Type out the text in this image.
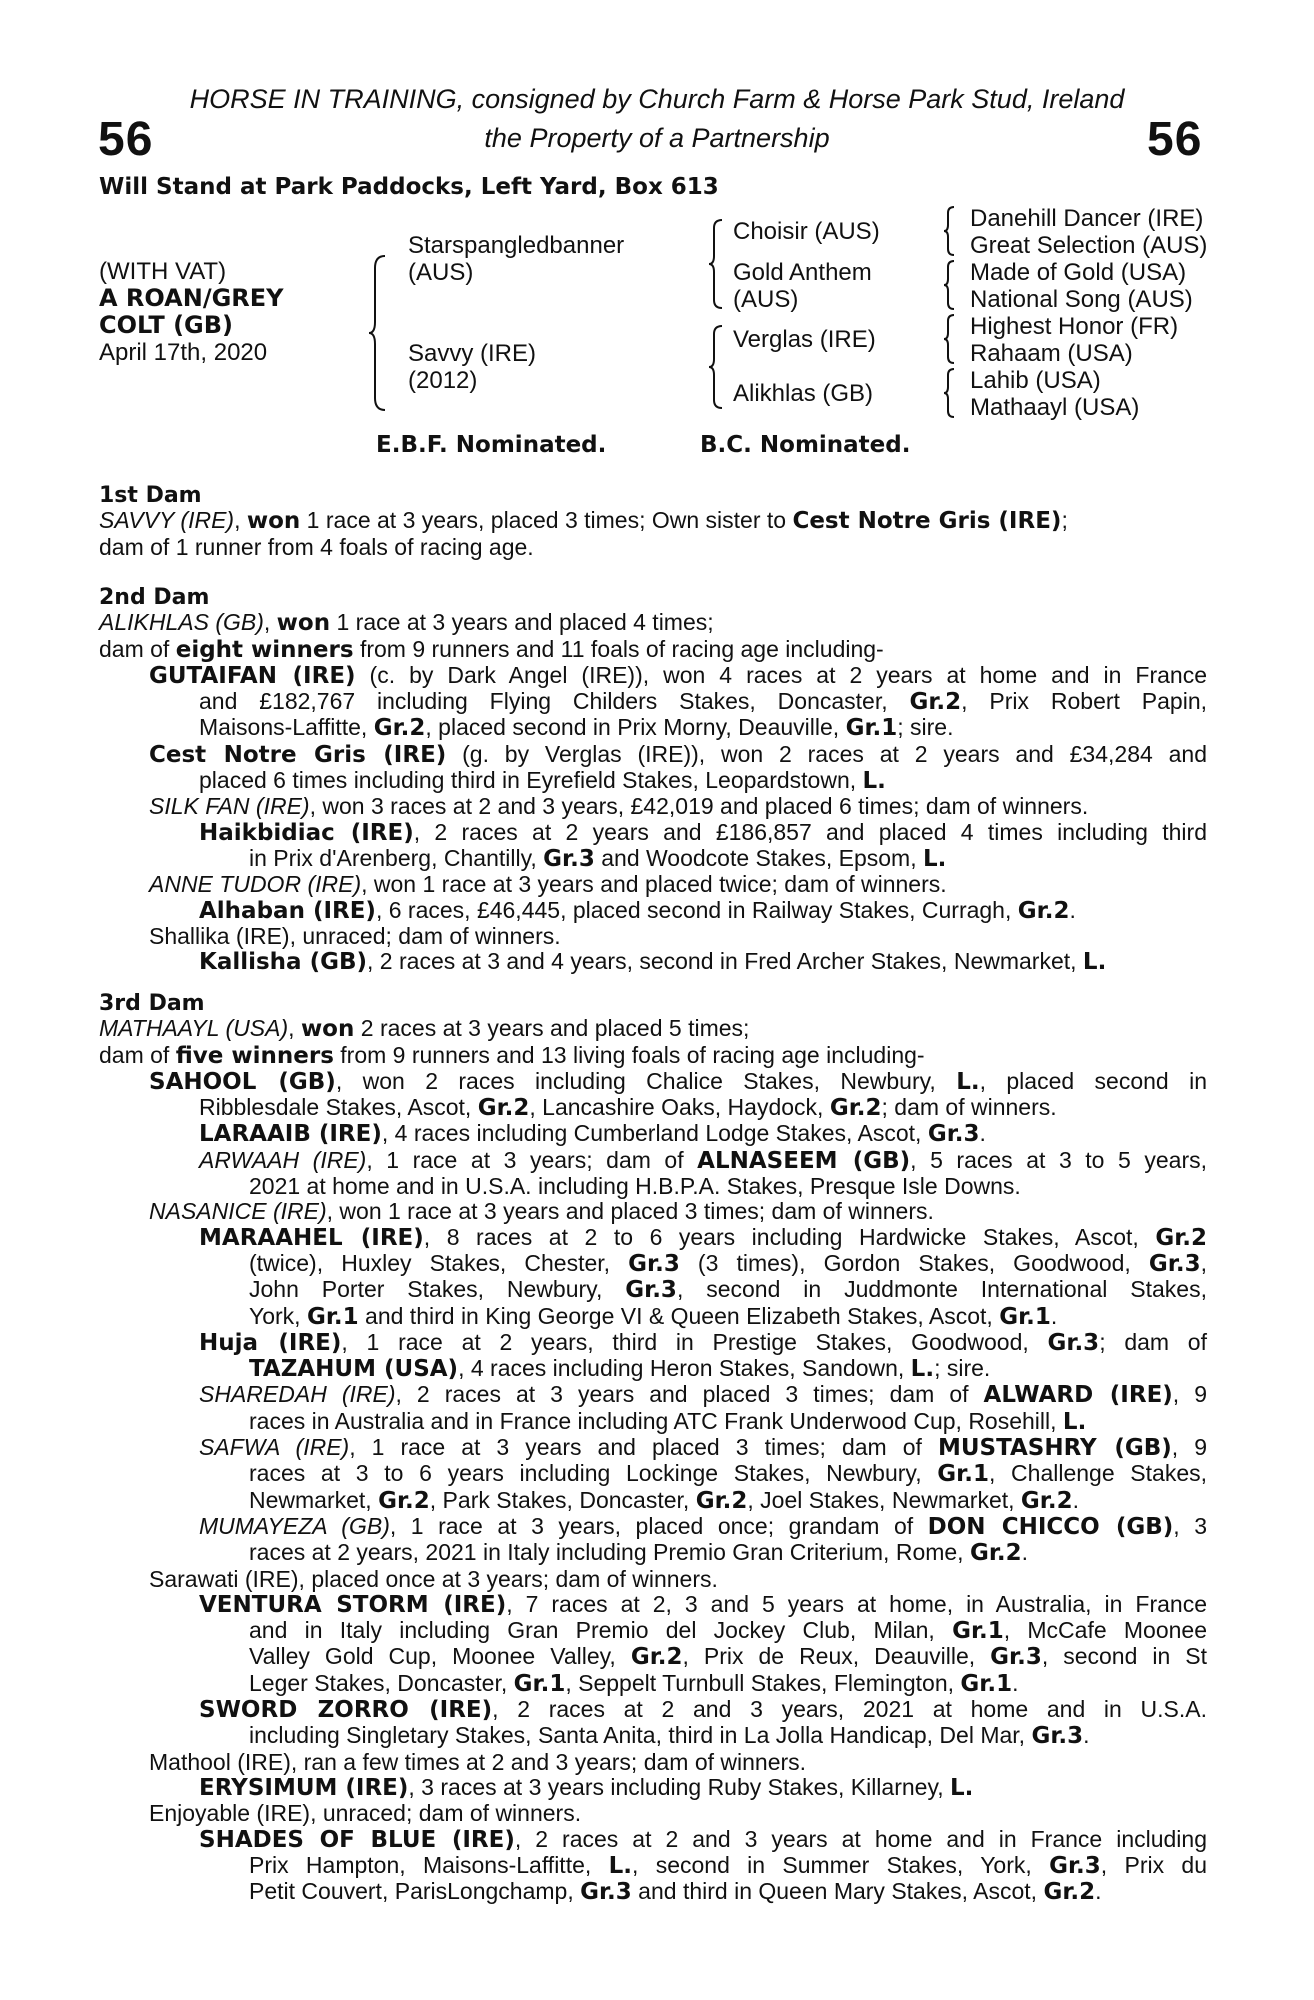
HORSE IN TRAINING, consigned by Church Farm & Horse Park Stud, Ireland
the Property of a Partnership
56	56
Will Stand at Park Paddocks, Left Yard, Box 613
(WITH VAT)
A ROAN/GREY
COLT (GB)
April 17th, 2020
Starspangledbanner
(AUS)
Savvy (IRE)
(2012)
Choisir (AUS)
Gold Anthem
(AUS)
Verglas (IRE)
Alikhlas (GB)
Danehill Dancer (IRE)
Great Selection (AUS)
Made of Gold (USA)
National Song (AUS)
Highest Honor (FR)
Rahaam (USA)
Lahib (USA)
Mathaayl (USA)
E.B.F. Nominated.	B.C. Nominated.
1st Dam
SAVVY (IRE), won 1 race at 3 years, placed 3 times; Own sister to Cest Notre Gris (IRE);
dam of 1 runner from 4 foals of racing age.
2nd Dam
ALIKHLAS (GB), won 1 race at 3 years and placed 4 times;
dam of eight winners from 9 runners and 11 foals of racing age including-
GUTAIFAN (IRE) (c. by Dark Angel (IRE)), won 4 races at 2 years at home and in France
and £182,767 including Flying Childers Stakes, Doncaster, Gr.2, Prix Robert Papin,
Maisons-Laffitte, Gr.2, placed second in Prix Morny, Deauville, Gr.1; sire.
Cest Notre Gris (IRE) (g. by Verglas (IRE)), won 2 races at 2 years and £34,284 and
placed 6 times including third in Eyrefield Stakes, Leopardstown, L.
SILK FAN (IRE), won 3 races at 2 and 3 years, £42,019 and placed 6 times; dam of winners.
Haikbidiac (IRE), 2 races at 2 years and £186,857 and placed 4 times including third
in Prix d'Arenberg, Chantilly, Gr.3 and Woodcote Stakes, Epsom, L.
ANNE TUDOR (IRE), won 1 race at 3 years and placed twice; dam of winners.
Alhaban (IRE), 6 races, £46,445, placed second in Railway Stakes, Curragh, Gr.2.
Shallika (IRE), unraced; dam of winners.
Kallisha (GB), 2 races at 3 and 4 years, second in Fred Archer Stakes, Newmarket, L.
3rd Dam
MATHAAYL (USA), won 2 races at 3 years and placed 5 times;
dam of five winners from 9 runners and 13 living foals of racing age including-
SAHOOL (GB), won 2 races including Chalice Stakes, Newbury, L., placed second in
Ribblesdale Stakes, Ascot, Gr.2, Lancashire Oaks, Haydock, Gr.2; dam of winners.
LARAAIB (IRE), 4 races including Cumberland Lodge Stakes, Ascot, Gr.3.
ARWAAH (IRE), 1 race at 3 years; dam of ALNASEEM (GB), 5 races at 3 to 5 years,
2021 at home and in U.S.A. including H.B.P.A. Stakes, Presque Isle Downs.
NASANICE (IRE), won 1 race at 3 years and placed 3 times; dam of winners.
MARAAHEL (IRE), 8 races at 2 to 6 years including Hardwicke Stakes, Ascot, Gr.2
(twice), Huxley Stakes, Chester, Gr.3 (3 times), Gordon Stakes, Goodwood, Gr.3,
John Porter Stakes, Newbury, Gr.3, second in Juddmonte International Stakes,
York, Gr.1 and third in King George VI & Queen Elizabeth Stakes, Ascot, Gr.1.
Huja (IRE), 1 race at 2 years, third in Prestige Stakes, Goodwood, Gr.3; dam of
TAZAHUM (USA), 4 races including Heron Stakes, Sandown, L.; sire.
SHAREDAH (IRE), 2 races at 3 years and placed 3 times; dam of ALWARD (IRE), 9
races in Australia and in France including ATC Frank Underwood Cup, Rosehill, L.
SAFWA (IRE), 1 race at 3 years and placed 3 times; dam of MUSTASHRY (GB), 9
races at 3 to 6 years including Lockinge Stakes, Newbury, Gr.1, Challenge Stakes,
Newmarket, Gr.2, Park Stakes, Doncaster, Gr.2, Joel Stakes, Newmarket, Gr.2.
MUMAYEZA (GB), 1 race at 3 years, placed once; grandam of DON CHICCO (GB), 3
races at 2 years, 2021 in Italy including Premio Gran Criterium, Rome, Gr.2.
Sarawati (IRE), placed once at 3 years; dam of winners.
VENTURA STORM (IRE), 7 races at 2, 3 and 5 years at home, in Australia, in France
and in Italy including Gran Premio del Jockey Club, Milan, Gr.1, McCafe Moonee
Valley Gold Cup, Moonee Valley, Gr.2, Prix de Reux, Deauville, Gr.3, second in St
Leger Stakes, Doncaster, Gr.1, Seppelt Turnbull Stakes, Flemington, Gr.1.
SWORD ZORRO (IRE), 2 races at 2 and 3 years, 2021 at home and in U.S.A.
including Singletary Stakes, Santa Anita, third in La Jolla Handicap, Del Mar, Gr.3.
Mathool (IRE), ran a few times at 2 and 3 years; dam of winners.
ERYSIMUM (IRE), 3 races at 3 years including Ruby Stakes, Killarney, L.
Enjoyable (IRE), unraced; dam of winners.
SHADES OF BLUE (IRE), 2 races at 2 and 3 years at home and in France including
Prix Hampton, Maisons-Laffitte, L., second in Summer Stakes, York, Gr.3, Prix du
Petit Couvert, ParisLongchamp, Gr.3 and third in Queen Mary Stakes, Ascot, Gr.2.
